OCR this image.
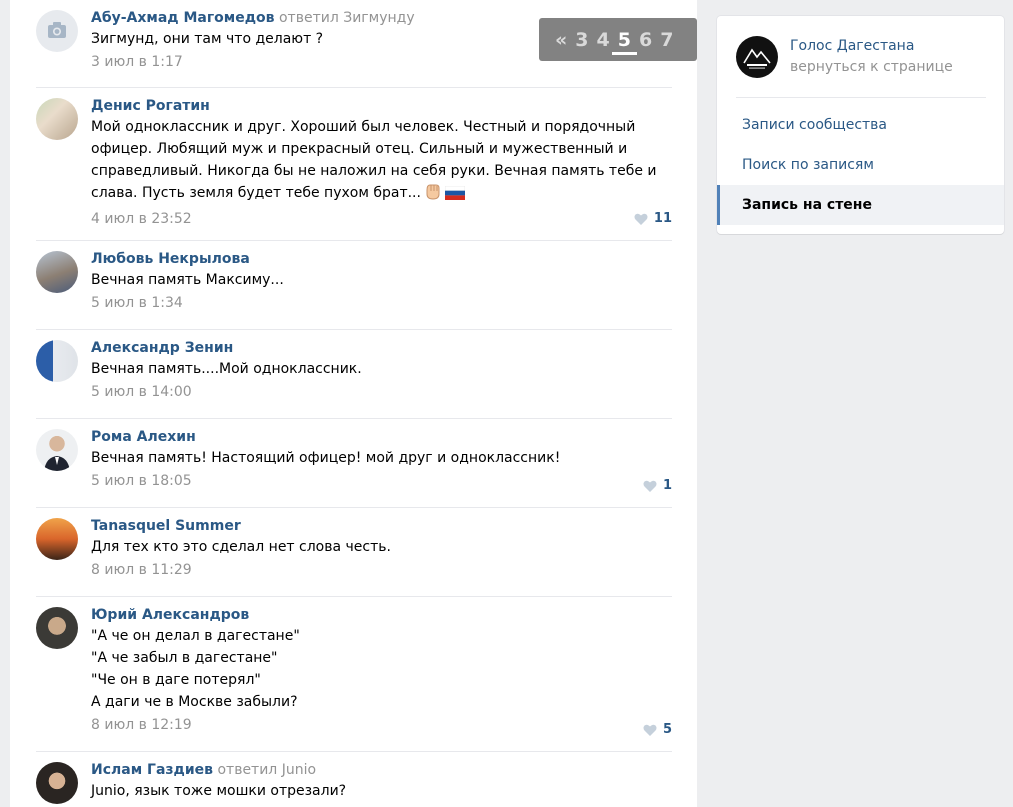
Абу-Ахмад Магомедов ответил Зигмунду
Зигмунд, они там что делают ?
3 июл в 1:17
Денис Рогатин
Мой одноклассник и друг. Хороший был человек. Честный и порядочный офицер. Любящий муж и прекрасный отец. Сильный и мужественный и справедливый. Никогда бы не наложил на себя руки. Вечная память тебе и слава. Пусть земля будет тебе пухом брат...
4 июл в 23:52	11
Любовь Некрылова
Вечная память Максиму...
5 июл в 1:34
Александр Зенин
Вечная память....Мой одноклассник.
5 июл в 14:00
Рома Алехин
Вечная память! Настоящий офицер! мой друг и одноклассник!
5 июл в 18:05	1
Tanasquel Summer
Для тех кто это сделал нет слова честь.
8 июл в 11:29
Юрий Александров
"А че он делал в дагестане"
"А че забыл в дагестане"
"Че он в даге потерял"
А даги че в Москве забыли?
8 июл в 12:19	5
Ислам Газдиев ответил Junio
Junio, язык тоже мошки отрезали?
« 3 4 5 6 7	Голос Дагестана
вернуться к странице
Записи сообщества
Поиск по записям
Запись на стене
